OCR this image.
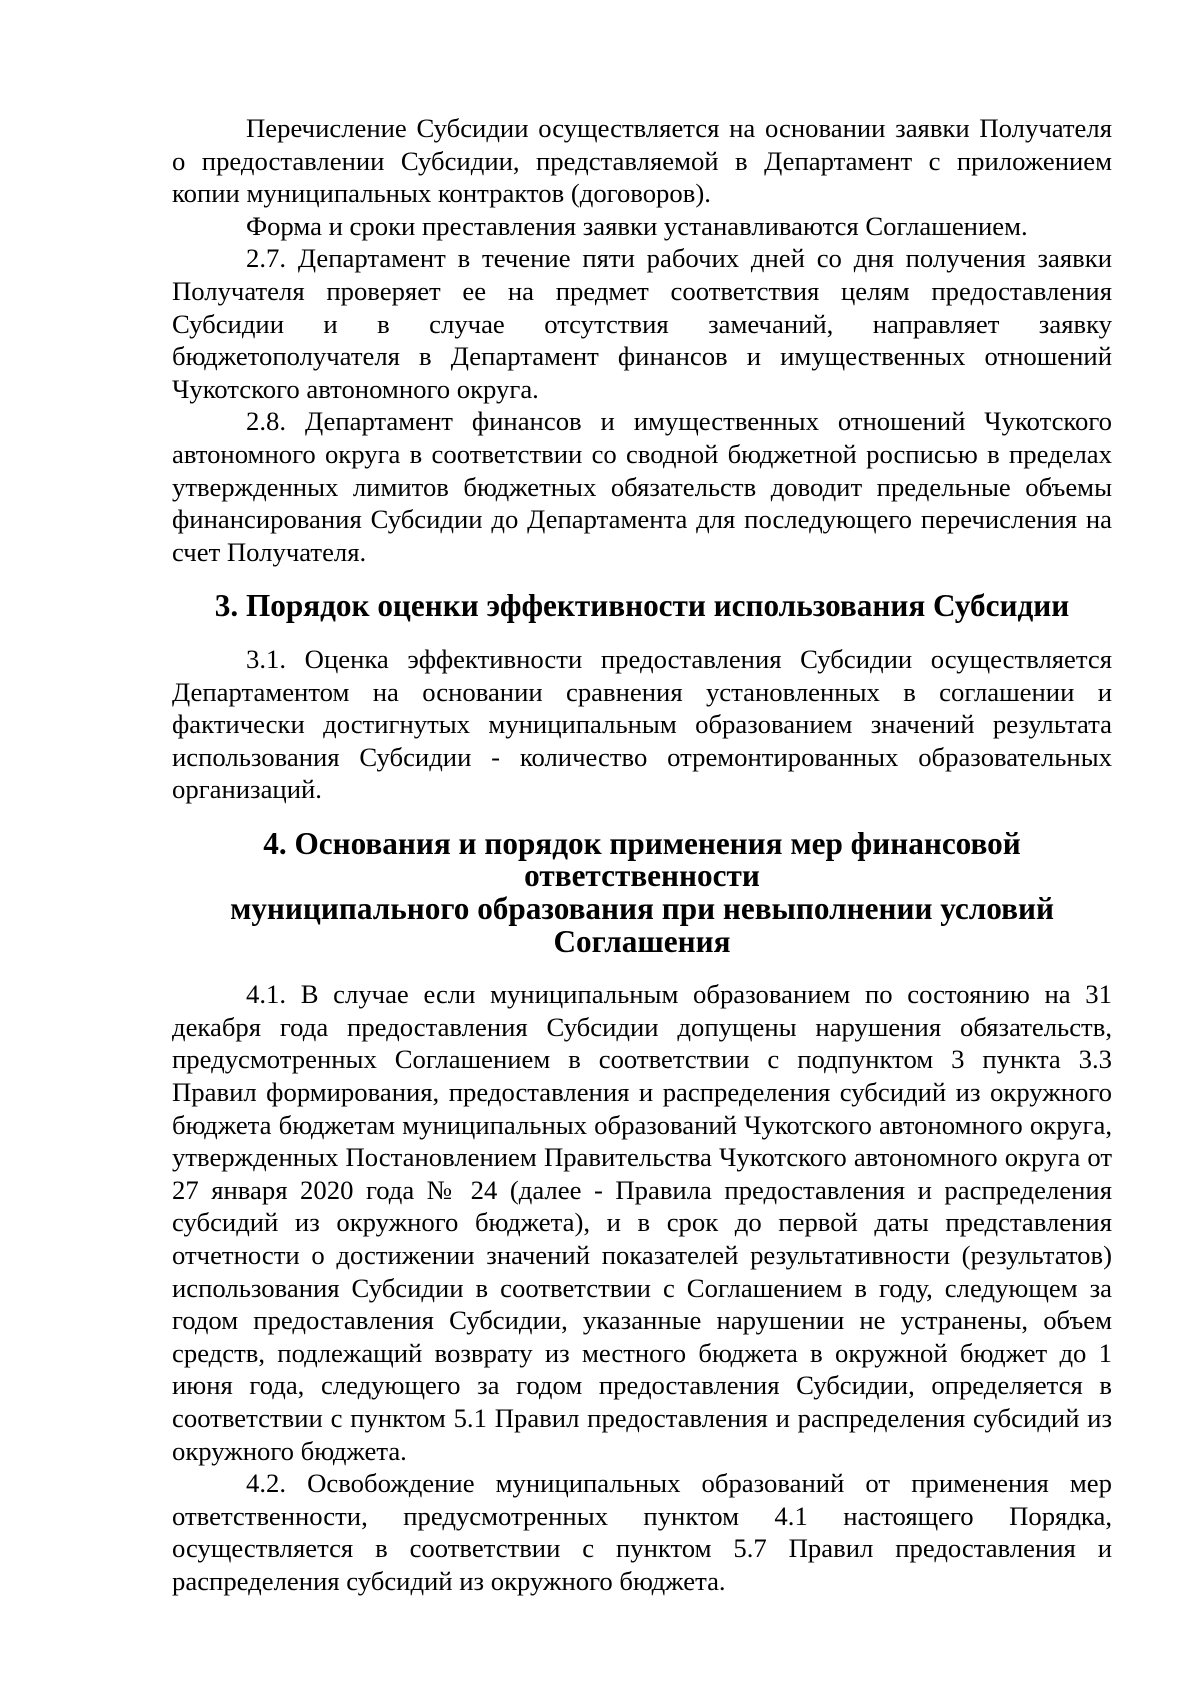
Перечисление Субсидии осуществляется на основании заявки Получателя о предоставлении Субсидии, представляемой в Департамент с приложением копии муниципальных контрактов (договоров).

Форма и сроки преставления заявки устанавливаются Соглашением.

2.7. Департамент в течение пяти рабочих дней со дня получения заявки Получателя проверяет ее на предмет соответствия целям предоставления Субсидии и в случае отсутствия замечаний, направляет заявку бюджетополучателя в Департамент финансов и имущественных отношений Чукотского автономного округа.

2.8. Департамент финансов и имущественных отношений Чукотского автономного округа в соответствии со сводной бюджетной росписью в пределах утвержденных лимитов бюджетных обязательств доводит предельные объемы финансирования Субсидии до Департамента для последующего перечисления на счет Получателя.

3. Порядок оценки эффективности использования Субсидии

3.1. Оценка эффективности предоставления Субсидии осуществляется Департаментом на основании сравнения установленных в соглашении и фактически достигнутых муниципальным образованием значений результата использования Субсидии - количество отремонтированных образовательных организаций.

4. Основания и порядок применения мер финансовой ответственности
муниципального образования при невыполнении условий Соглашения

4.1. В случае если муниципальным образованием по состоянию на 31 декабря года предоставления Субсидии допущены нарушения обязательств, предусмотренных Соглашением в соответствии с подпунктом 3 пункта 3.3 Правил формирования, предоставления и распределения субсидий из окружного бюджета бюджетам муниципальных образований Чукотского автономного округа, утвержденных Постановлением Правительства Чукотского автономного округа от 27 января 2020 года № 24 (далее - Правила предоставления и распределения субсидий из окружного бюджета), и в срок до первой даты представления отчетности о достижении значений показателей результативности (результатов) использования Субсидии в соответствии с Соглашением в году, следующем за годом предоставления Субсидии, указанные нарушении не устранены, объем средств, подлежащий возврату из местного бюджета в окружной бюджет до 1 июня года, следующего за годом предоставления Субсидии, определяется в соответствии с пунктом 5.1 Правил предоставления и распределения субсидий из окружного бюджета.

4.2. Освобождение муниципальных образований от применения мер ответственности, предусмотренных пунктом 4.1 настоящего Порядка, осуществляется в соответствии с пунктом 5.7 Правил предоставления и распределения субсидий из окружного бюджета.
